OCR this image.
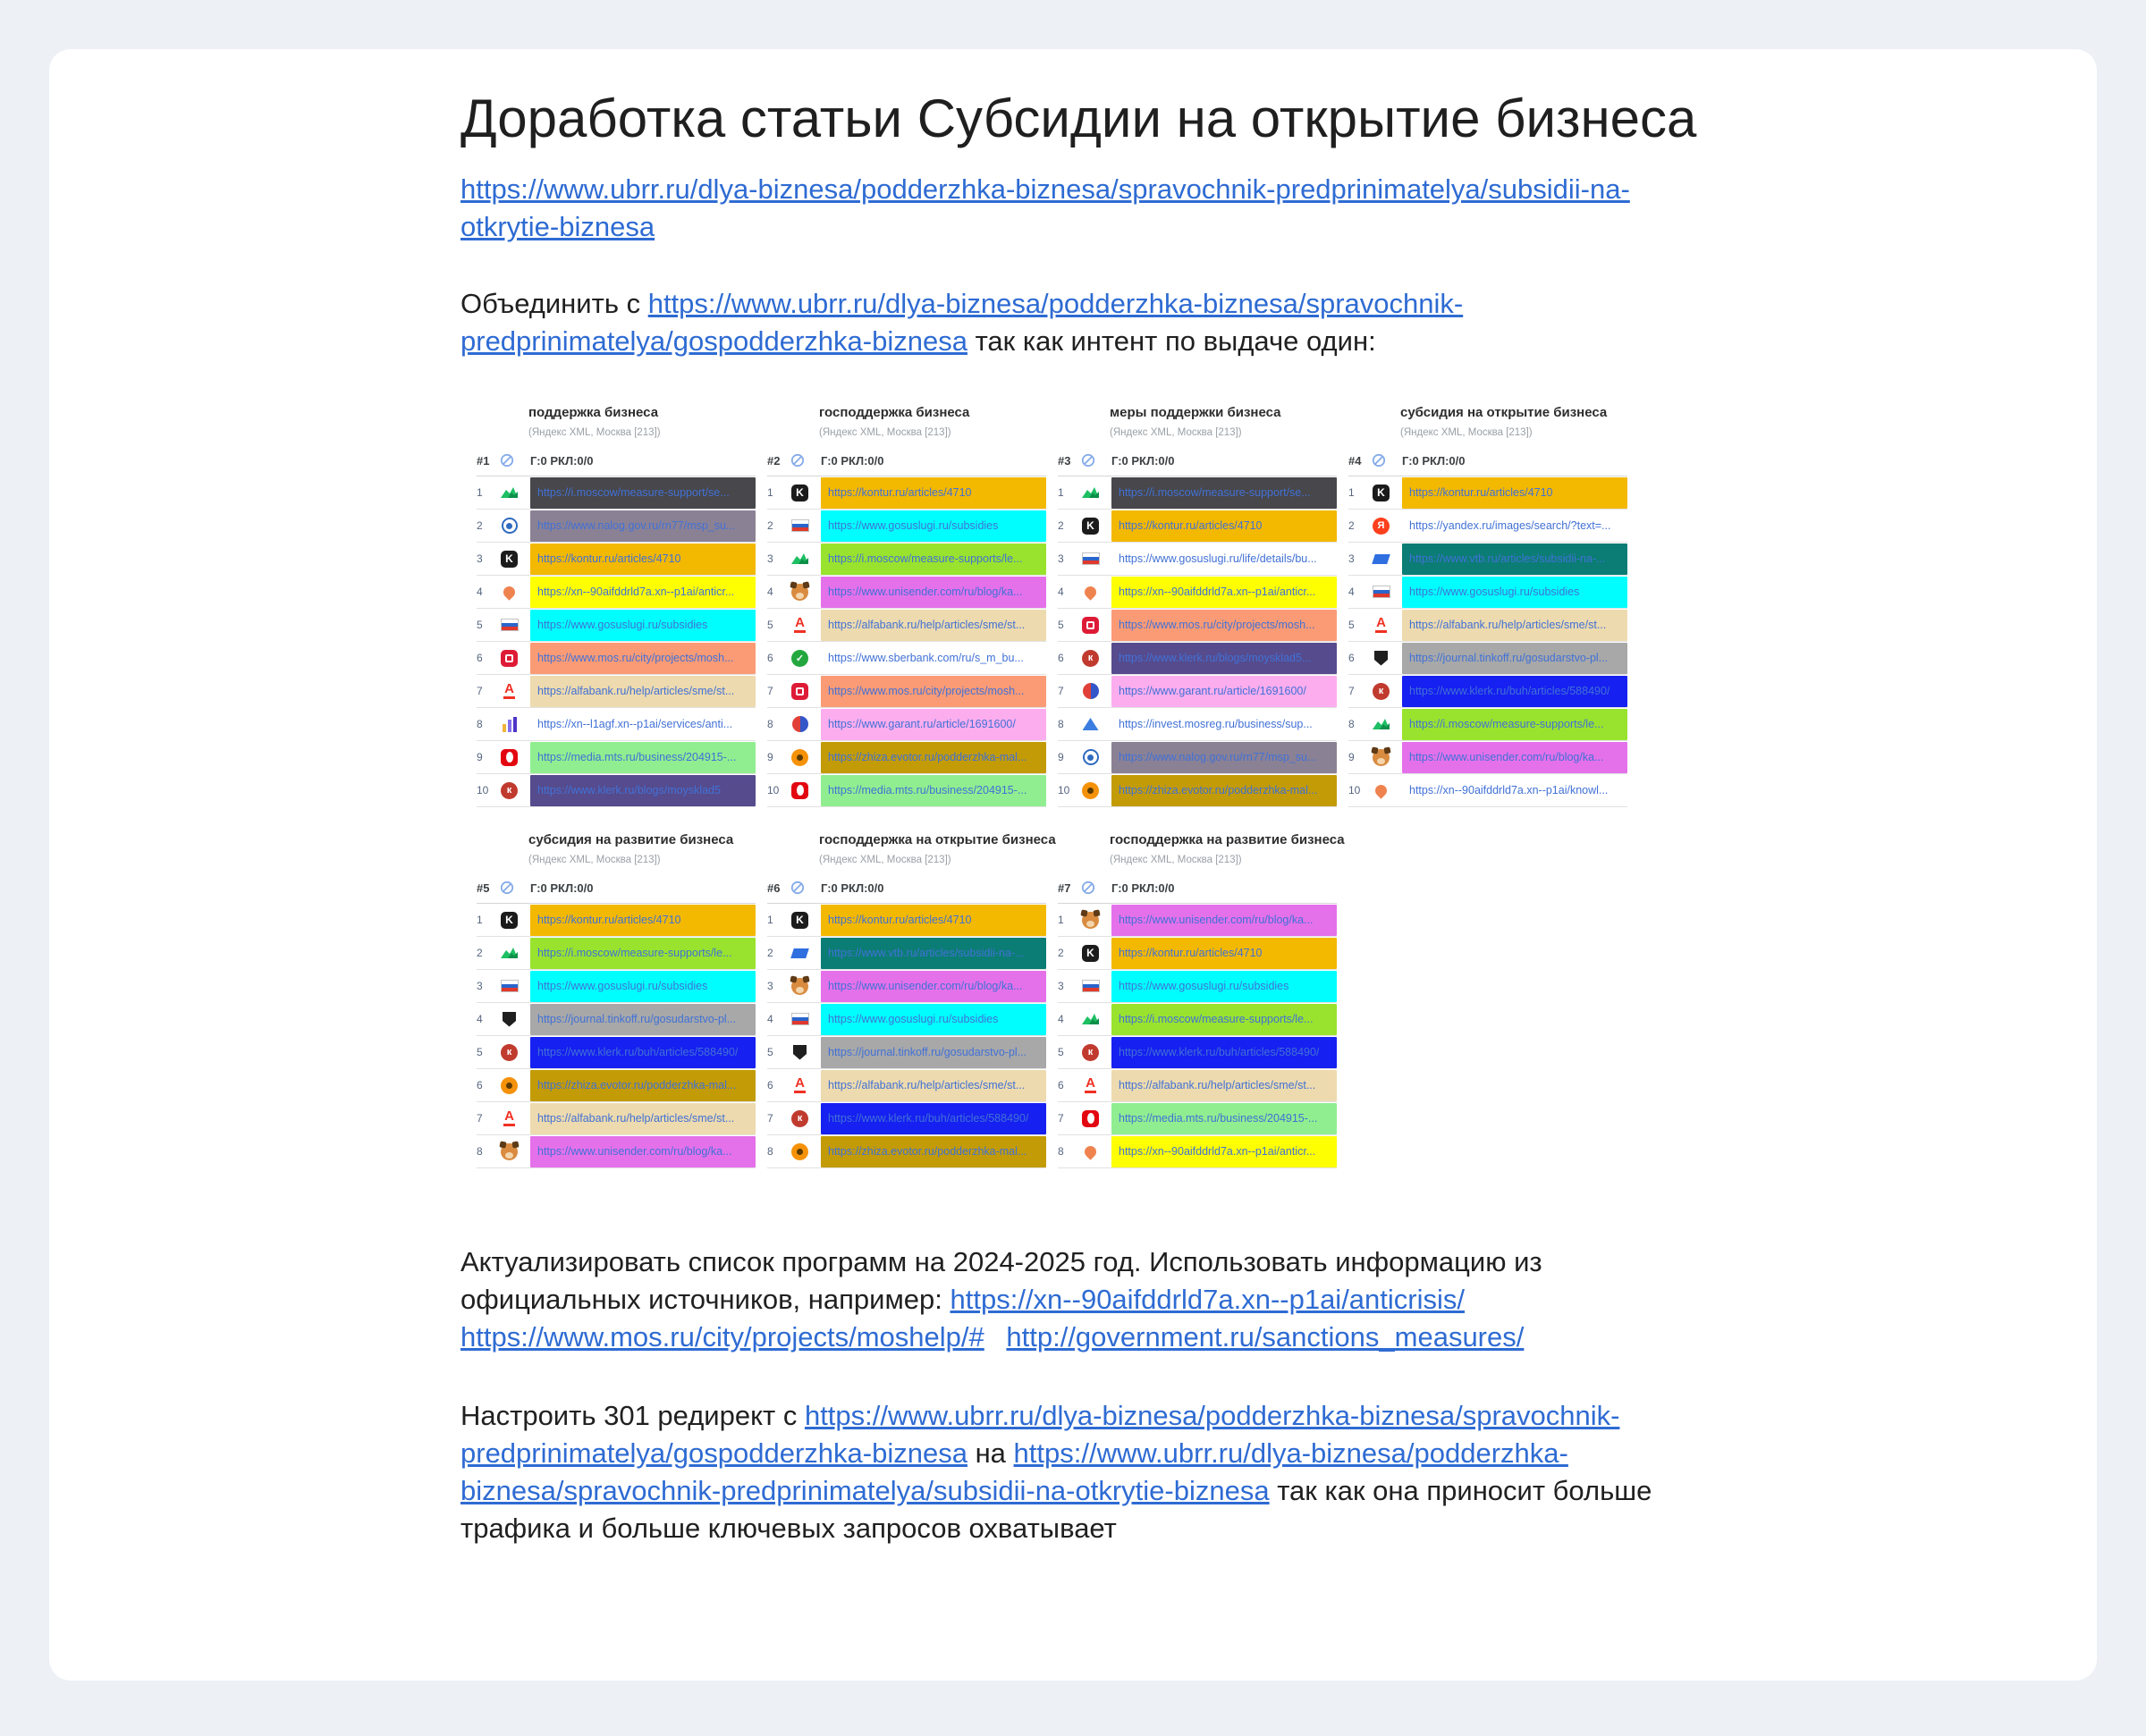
Доработка статьи Субсидии на открытие бизнеса

https://www.ubrr.ru/dlya-biznesa/podderzhka-biznesa/spravochnik-predprinimatelya/subsidii-na-otkrytie-biznesa

Объединить с https://www.ubrr.ru/dlya-biznesa/podderzhka-biznesa/spravochnik-predprinimatelya/gospodderzhka-biznesa так как интент по выдаче один:

поддержка бизнеса
(Яндекс XML, Москва [213])
#1	Г:0 РКЛ:0/0
1	https://i.moscow/measure-support/se...
2	https://www.nalog.gov.ru/rn77/msp_su...
3	K	https://kontur.ru/articles/4710
4	https://xn--90aifddrld7a.xn--p1ai/anticr...
5	https://www.gosuslugi.ru/subsidies
6	https://www.mos.ru/city/projects/mosh...
7	А	https://alfabank.ru/help/articles/sme/st...
8	https://xn--l1agf.xn--p1ai/services/anti...
9	https://media.mts.ru/business/204915-...
10	к	https://www.klerk.ru/blogs/moysklad5
господдержка бизнеса
(Яндекс XML, Москва [213])
#2	Г:0 РКЛ:0/0
1	K	https://kontur.ru/articles/4710
2	https://www.gosuslugi.ru/subsidies
3	https://i.moscow/measure-supports/le...
4	https://www.unisender.com/ru/blog/ka...
5	А	https://alfabank.ru/help/articles/sme/st...
6	✓	https://www.sberbank.com/ru/s_m_bu...
7	https://www.mos.ru/city/projects/mosh...
8	https://www.garant.ru/article/1691600/
9	https://zhiza.evotor.ru/podderzhka-mal...
10	https://media.mts.ru/business/204915-...
меры поддержки бизнеса
(Яндекс XML, Москва [213])
#3	Г:0 РКЛ:0/0
1	https://i.moscow/measure-support/se...
2	K	https://kontur.ru/articles/4710
3	https://www.gosuslugi.ru/life/details/bu...
4	https://xn--90aifddrld7a.xn--p1ai/anticr...
5	https://www.mos.ru/city/projects/mosh...
6	к	https://www.klerk.ru/blogs/moysklad5...
7	https://www.garant.ru/article/1691600/
8	https://invest.mosreg.ru/business/sup...
9	https://www.nalog.gov.ru/rn77/msp_su...
10	https://zhiza.evotor.ru/podderzhka-mal...
субсидия на открытие бизнеса
(Яндекс XML, Москва [213])
#4	Г:0 РКЛ:0/0
1	K	https://kontur.ru/articles/4710
2	Я	https://yandex.ru/images/search/?text=...
3	https://www.vtb.ru/articles/subsidii-na-...
4	https://www.gosuslugi.ru/subsidies
5	А	https://alfabank.ru/help/articles/sme/st...
6	https://journal.tinkoff.ru/gosudarstvo-pl...
7	к	https://www.klerk.ru/buh/articles/588490/
8	https://i.moscow/measure-supports/le...
9	https://www.unisender.com/ru/blog/ka...
10	https://xn--90aifddrld7a.xn--p1ai/knowl...
субсидия на развитие бизнеса
(Яндекс XML, Москва [213])
#5	Г:0 РКЛ:0/0
1	K	https://kontur.ru/articles/4710
2	https://i.moscow/measure-supports/le...
3	https://www.gosuslugi.ru/subsidies
4	https://journal.tinkoff.ru/gosudarstvo-pl...
5	к	https://www.klerk.ru/buh/articles/588490/
6	https://zhiza.evotor.ru/podderzhka-mal...
7	А	https://alfabank.ru/help/articles/sme/st...
8	https://www.unisender.com/ru/blog/ka...
господдержка на открытие бизнеса
(Яндекс XML, Москва [213])
#6	Г:0 РКЛ:0/0
1	K	https://kontur.ru/articles/4710
2	https://www.vtb.ru/articles/subsidii-na-...
3	https://www.unisender.com/ru/blog/ka...
4	https://www.gosuslugi.ru/subsidies
5	https://journal.tinkoff.ru/gosudarstvo-pl...
6	А	https://alfabank.ru/help/articles/sme/st...
7	к	https://www.klerk.ru/buh/articles/588490/
8	https://zhiza.evotor.ru/podderzhka-mal...
господдержка на развитие бизнеса
(Яндекс XML, Москва [213])
#7	Г:0 РКЛ:0/0
1	https://www.unisender.com/ru/blog/ka...
2	K	https://kontur.ru/articles/4710
3	https://www.gosuslugi.ru/subsidies
4	https://i.moscow/measure-supports/le...
5	к	https://www.klerk.ru/buh/articles/588490/
6	А	https://alfabank.ru/help/articles/sme/st...
7	https://media.mts.ru/business/204915-...
8	https://xn--90aifddrld7a.xn--p1ai/anticr...

Актуализировать список программ на 2024-2025 год. Использовать информацию из официальных источников, например: https://xn--90aifddrld7a.xn--p1ai/anticrisis/ https://www.mos.ru/city/projects/moshelp/# http://government.ru/sanctions_measures/

Настроить 301 редирект с https://www.ubrr.ru/dlya-biznesa/podderzhka-biznesa/spravochnik-predprinimatelya/gospodderzhka-biznesa на https://www.ubrr.ru/dlya-biznesa/podderzhka-biznesa/spravochnik-predprinimatelya/subsidii-na-otkrytie-biznesa так как она приносит больше трафика и больше ключевых запросов охватывает
